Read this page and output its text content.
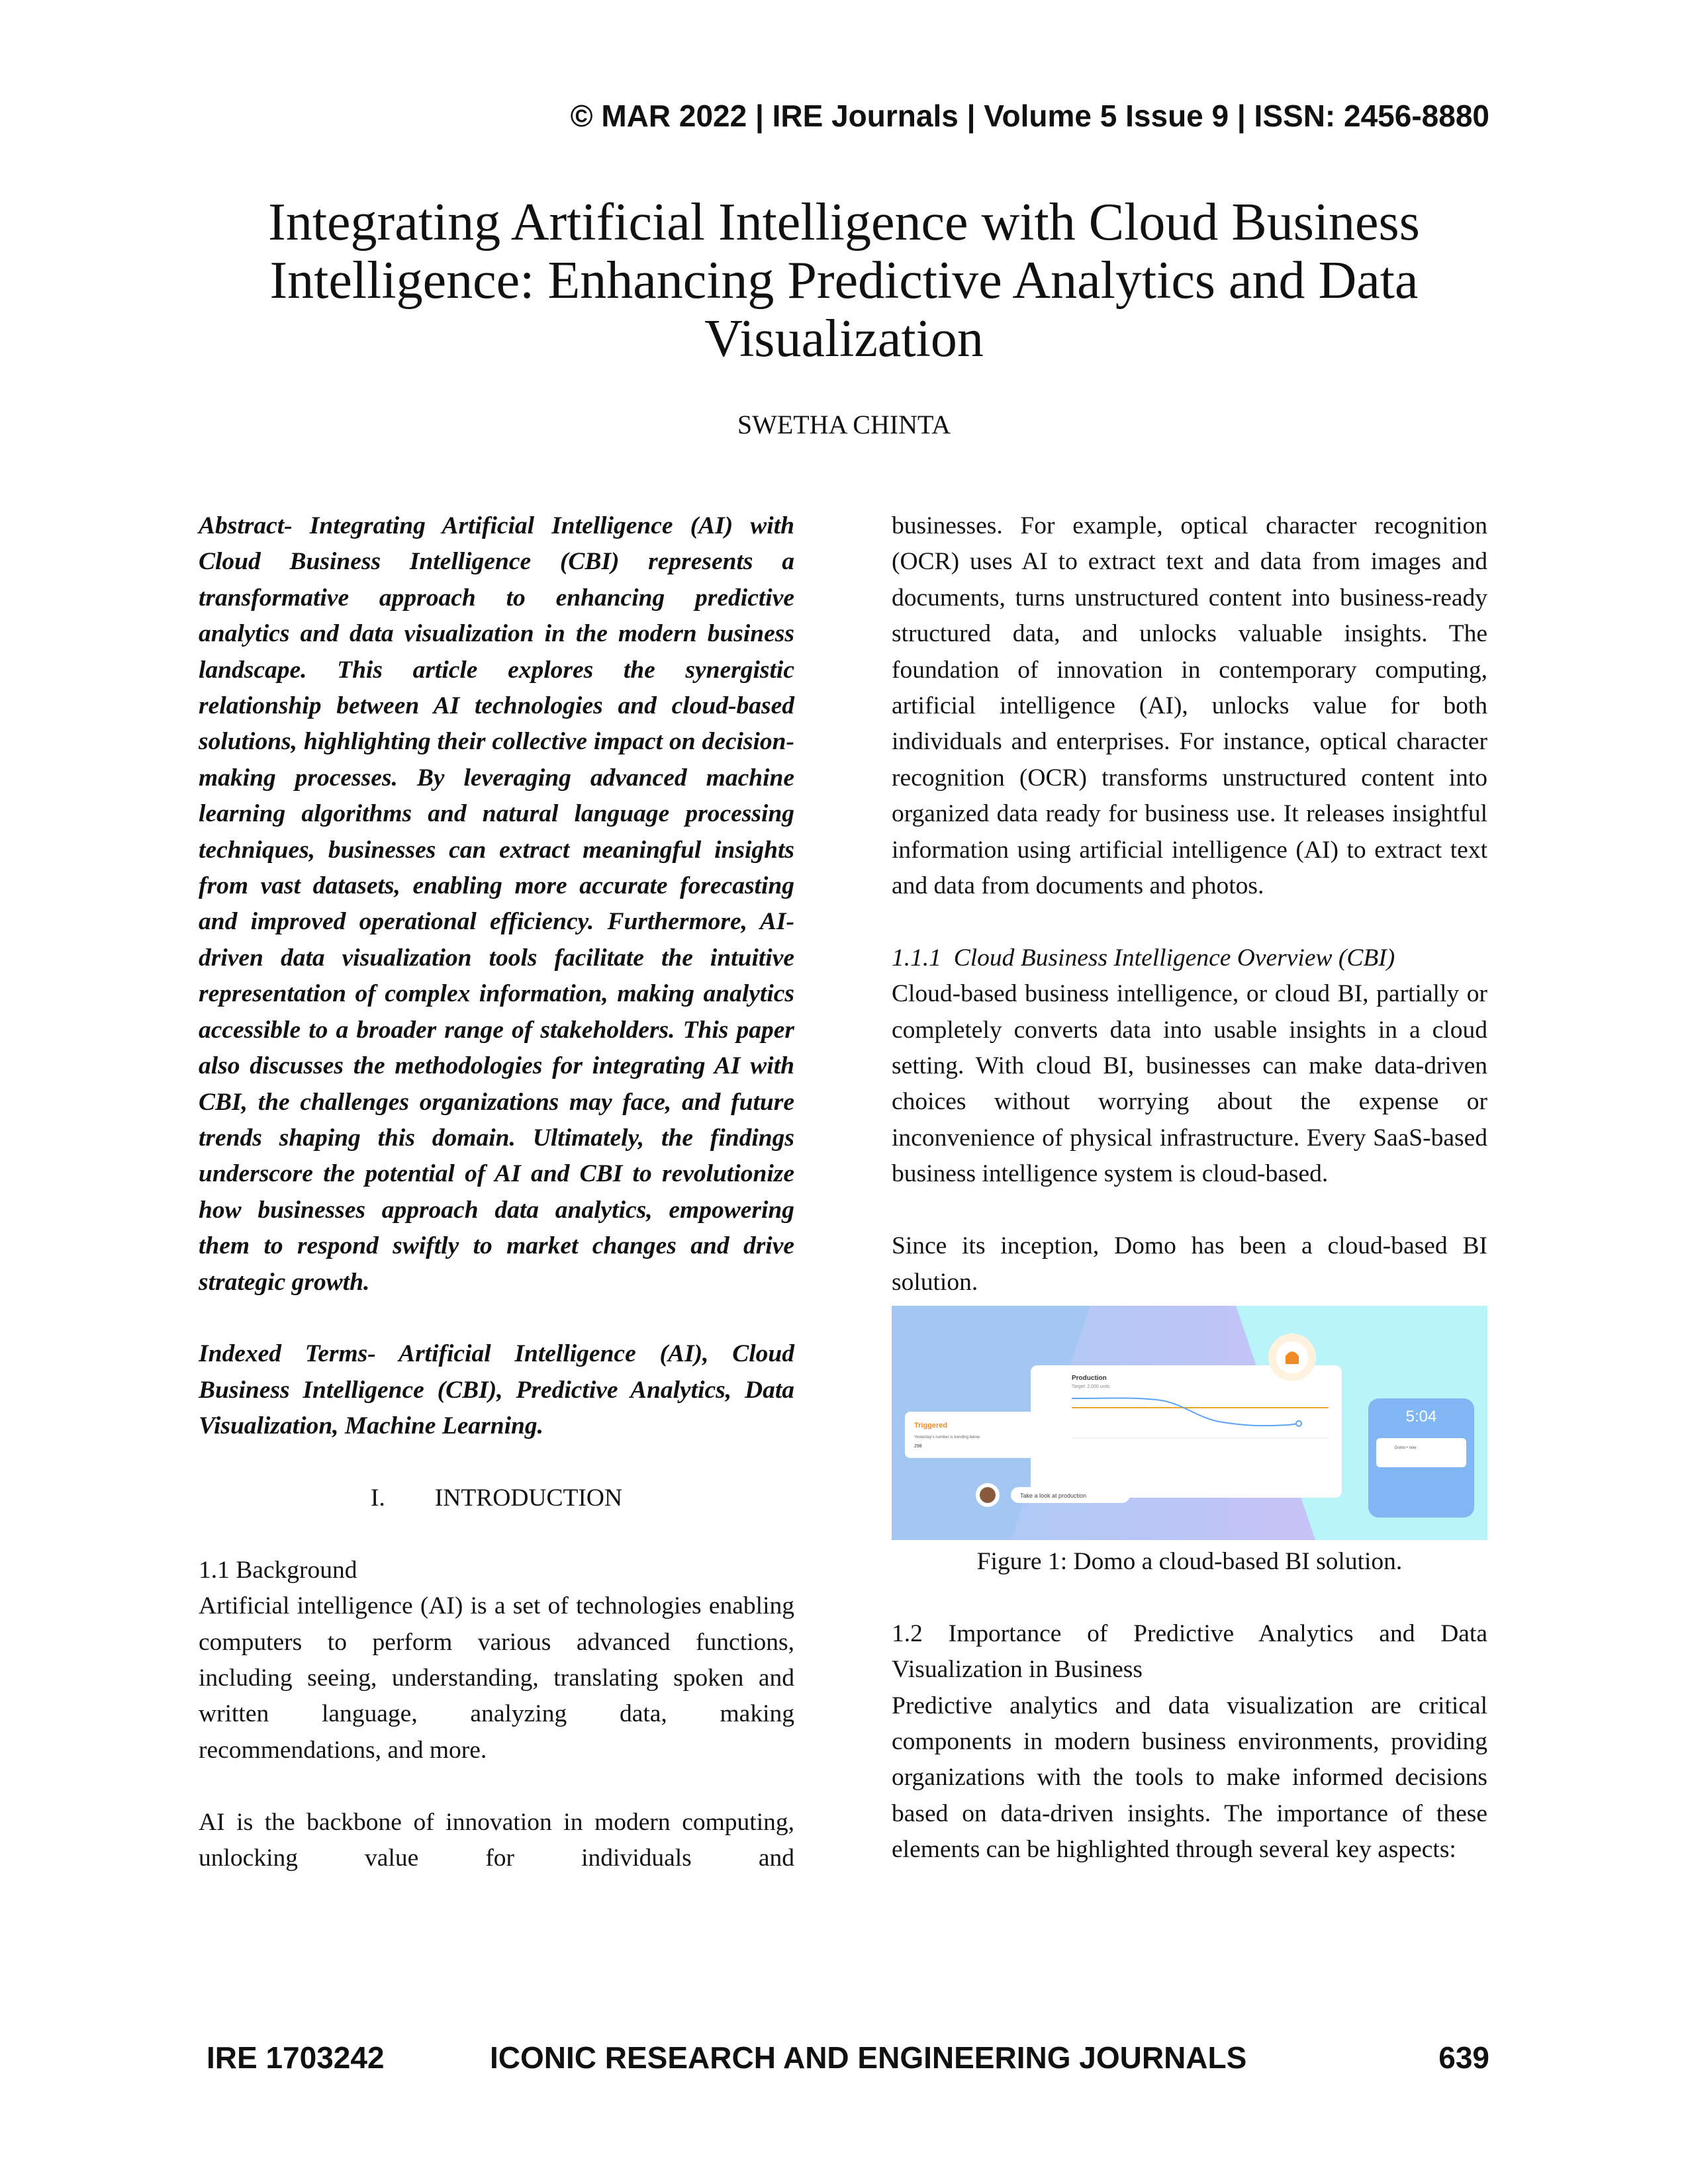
© MAR 2022 | IRE Journals | Volume 5 Issue 9 | ISSN: 2456-8880
Integrating Artificial Intelligence with Cloud Business Intelligence: Enhancing Predictive Analytics and Data Visualization
SWETHA CHINTA

Abstract- Integrating Artificial Intelligence (AI) with Cloud Business Intelligence (CBI) represents a transformative approach to enhancing predictive analytics and data visualization in the modern business landscape. This article explores the synergistic relationship between AI technologies and cloud-based solutions, highlighting their collective impact on decision-making processes. By leveraging advanced machine learning algorithms and natural language processing techniques, businesses can extract meaningful insights from vast datasets, enabling more accurate forecasting and improved operational efficiency. Furthermore, AI-driven data visualization tools facilitate the intuitive representation of complex information, making analytics accessible to a broader range of stakeholders. This paper also discusses the methodologies for integrating AI with CBI, the challenges organizations may face, and future trends shaping this domain. Ultimately, the findings underscore the potential of AI and CBI to revolutionize how businesses approach data analytics, empowering them to respond swiftly to market changes and drive strategic growth.

Indexed Terms- Artificial Intelligence (AI), Cloud Business Intelligence (CBI), Predictive Analytics, Data Visualization, Machine Learning.

I.        INTRODUCTION

1.1 Background

Artificial intelligence (AI) is a set of technologies enabling computers to perform various advanced functions, including seeing, understanding, translating spoken and written language, analyzing data, making recommendations, and more.

AI is the backbone of innovation in modern computing, unlocking value for individuals and

businesses. For example, optical character recognition (OCR) uses AI to extract text and data from images and documents, turns unstructured content into business-ready structured data, and unlocks valuable insights. The foundation of innovation in contemporary computing, artificial intelligence (AI), unlocks value for both individuals and enterprises. For instance, optical character recognition (OCR) transforms unstructured content into organized data ready for business use. It releases insightful information using artificial intelligence (AI) to extract text and data from documents and photos.

1.1.1  Cloud Business Intelligence Overview (CBI)

Cloud-based business intelligence, or cloud BI, partially or completely converts data into usable insights in a cloud setting. With cloud BI, businesses can make data-driven choices without worrying about the expense or inconvenience of physical infrastructure. Every SaaS-based business intelligence system is cloud-based.

Since its inception, Domo has been a cloud-based BI solution.

Production
Target: 2,000 units
Triggered
Yesterday's number is trending below
298
5:04
Domo • now
Take a look at production

Figure 1: Domo a cloud-based BI solution.

1.2 Importance of Predictive Analytics and Data Visualization in Business

Predictive analytics and data visualization are critical components in modern business environments, providing organizations with the tools to make informed decisions based on data-driven insights. The importance of these elements can be highlighted through several key aspects:

IRE 1703242	ICONIC RESEARCH AND ENGINEERING JOURNALS	639
